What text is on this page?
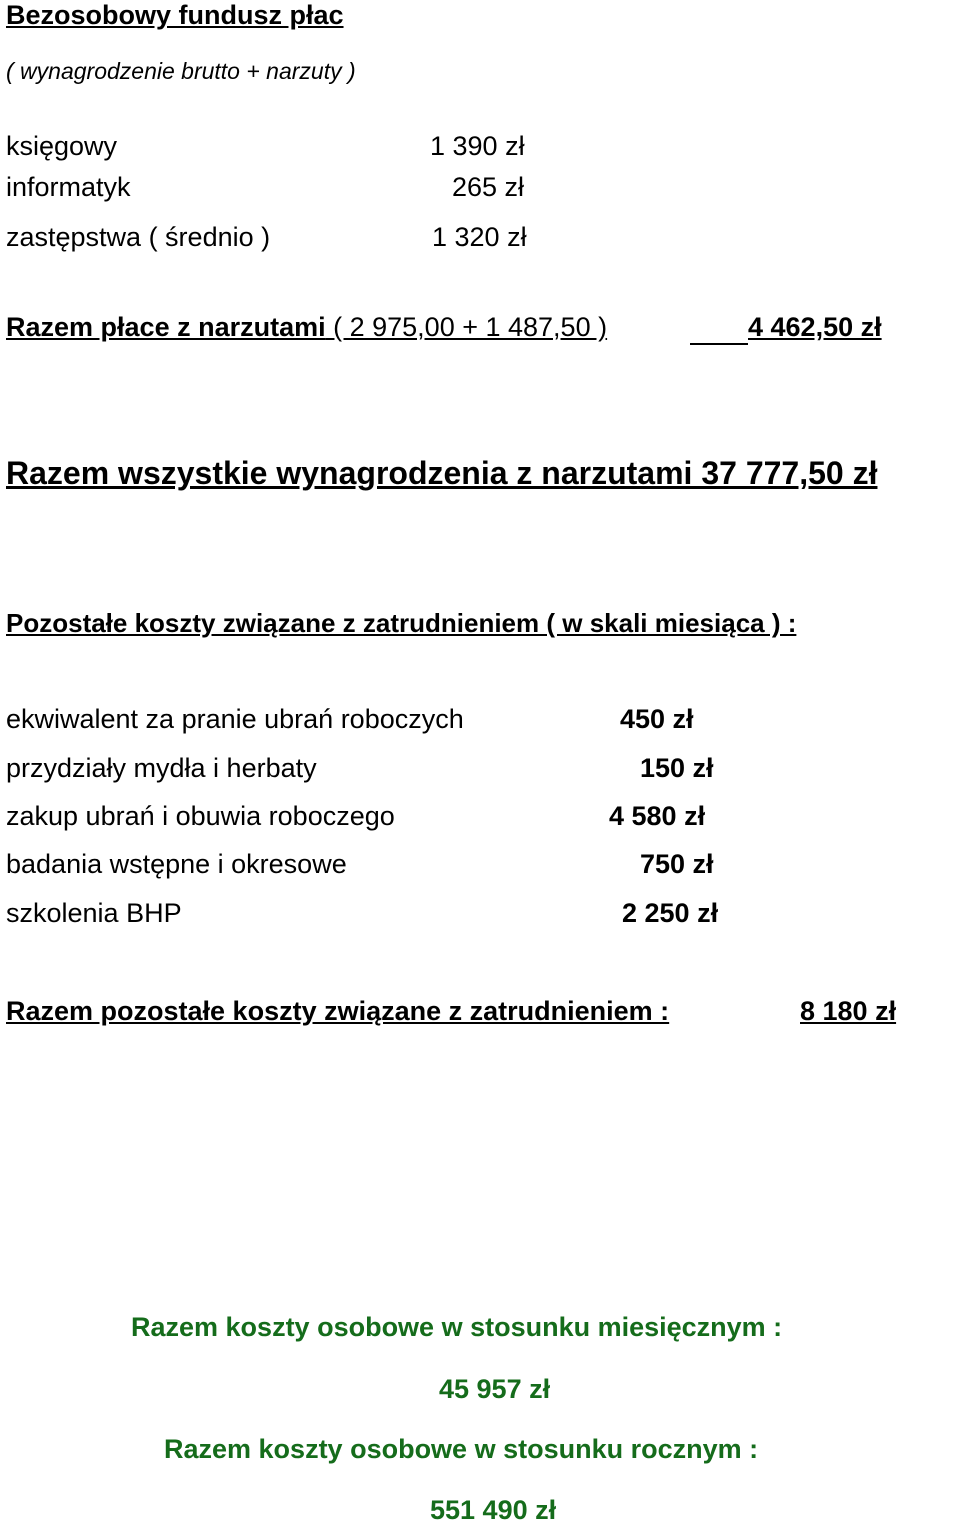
Bezosobowy fundusz płac
( wynagrodzenie brutto + narzuty )
księgowy	1 390 zł
informatyk	265 zł
zastępstwa ( średnio )	1 320 zł
Razem płace z narzutami ( 2 975,00 + 1 487,50 )	4 462,50 zł
Razem wszystkie wynagrodzenia z narzutami 37 777,50 zł
Pozostałe koszty związane z zatrudnieniem ( w skali miesiąca ) :
ekwiwalent za pranie ubrań roboczych	450 zł
przydziały mydła i herbaty	150 zł
zakup ubrań i obuwia roboczego	4 580 zł
badania wstępne i okresowe	750 zł
szkolenia BHP	2 250 zł
Razem pozostałe koszty związane z zatrudnieniem :	8 180 zł
Razem koszty osobowe w stosunku miesięcznym :
45 957 zł
Razem koszty osobowe w stosunku rocznym :
551 490 zł
